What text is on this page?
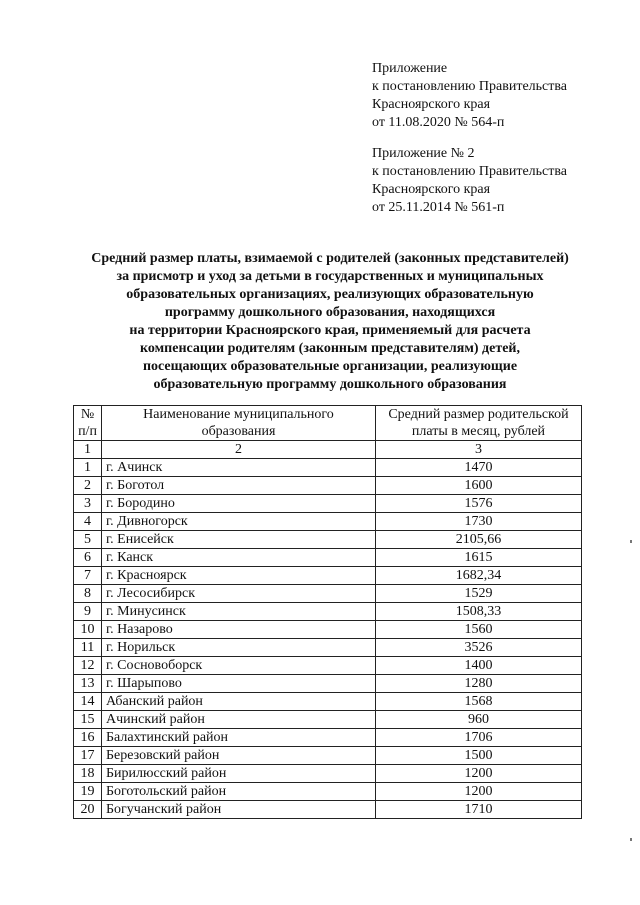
Приложение
к постановлению Правительства
Красноярского края
от 11.08.2020 № 564-п
Приложение № 2
к постановлению Правительства
Красноярского края
от 25.11.2014 № 561-п
Средний размер платы, взимаемой с родителей (законных представителей)
за присмотр и уход за детьми в государственных и муниципальных
образовательных организациях, реализующих образовательную
программу дошкольного образования, находящихся
на территории Красноярского края, применяемый для расчета
компенсации родителям (законным представителям) детей,
посещающих образовательные организации, реализующие
образовательную программу дошкольного образования
№ п/п	Наименование муниципального образования	Средний размер родительской платы в месяц, рублей
1	2	3
1	г. Ачинск	1470
2	г. Боготол	1600
3	г. Бородино	1576
4	г. Дивногорск	1730
5	г. Енисейск	2105,66
6	г. Канск	1615
7	г. Красноярск	1682,34
8	г. Лесосибирск	1529
9	г. Минусинск	1508,33
10	г. Назарово	1560
11	г. Норильск	3526
12	г. Сосновоборск	1400
13	г. Шарыпово	1280
14	Абанский район	1568
15	Ачинский район	960
16	Балахтинский район	1706
17	Березовский район	1500
18	Бирилюсский район	1200
19	Боготольский район	1200
20	Богучанский район	1710
